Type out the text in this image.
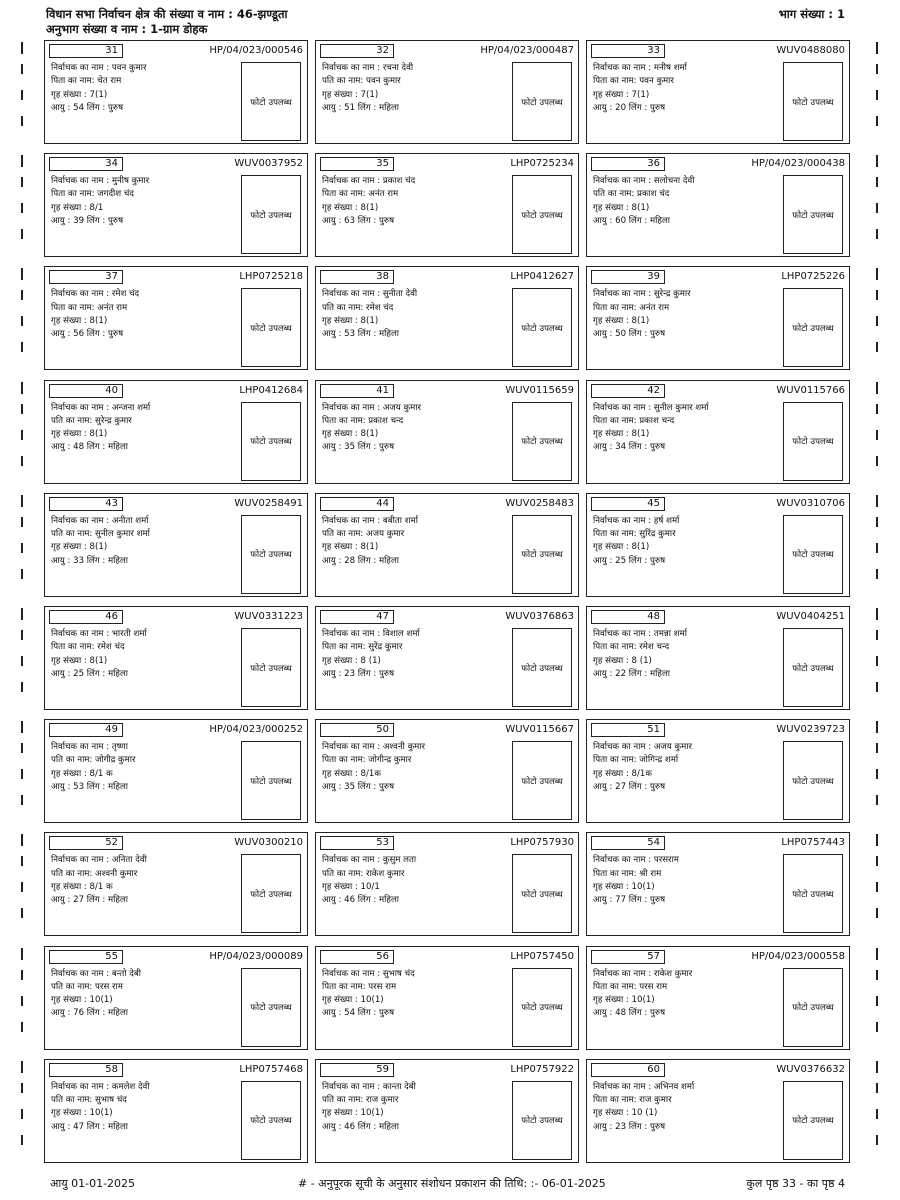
विधान सभा निर्वाचन क्षेत्र की संख्या व नाम : 46-झण्डूता
अनुभाग संख्या व नाम : 1-ग्राम डोहक
भाग संख्या : 1
31	HP/04/023/000546
निर्वाचक का नाम : पवन कुमार
पिता का नाम: चेत राम
गृह संख्या : 7(1)
आयु : 54 लिंग : पुरुष
फोटो उपलब्ध
32	HP/04/023/000487
निर्वाचक का नाम : रचना देवी
पति का नाम: पवन कुमार
गृह संख्या : 7(1)
आयु : 51 लिंग : महिला
फोटो उपलब्ध
33	WUV0488080
निर्वाचक का नाम : मनीष शर्मा
पिता का नाम: पवन कुमार
गृह संख्या : 7(1)
आयु : 20 लिंग : पुरुष
फोटो उपलब्ध
34	WUV0037952
निर्वाचक का नाम : मुनीष कुमार
पिता का नाम: जगदीश चंद
गृह संख्या : 8/1
आयु : 39 लिंग : पुरुष
फोटो उपलब्ध
35	LHP0725234
निर्वाचक का नाम : प्रकाश चंद
पिता का नाम: अनंत राम
गृह संख्या : 8(1)
आयु : 63 लिंग : पुरुष
फोटो उपलब्ध
36	HP/04/023/000438
निर्वाचक का नाम : सलोचना देवी
पति का नाम: प्रकाश चंद
गृह संख्या : 8(1)
आयु : 60 लिंग : महिला
फोटो उपलब्ध
37	LHP0725218
निर्वाचक का नाम : रमेश चंद
पिता का नाम: अनंत राम
गृह संख्या : 8(1)
आयु : 56 लिंग : पुरुष
फोटो उपलब्ध
38	LHP0412627
निर्वाचक का नाम : सुनीता देवी
पति का नाम: रमेश चंद
गृह संख्या : 8(1)
आयु : 53 लिंग : महिला
फोटो उपलब्ध
39	LHP0725226
निर्वाचक का नाम : सुरेन्द्र कुमार
पिता का नाम: अनंत राम
गृह संख्या : 8(1)
आयु : 50 लिंग : पुरुष
फोटो उपलब्ध
40	LHP0412684
निर्वाचक का नाम : अन्जना शर्मा
पति का नाम: सुरेन्द्र कुमार
गृह संख्या : 8(1)
आयु : 48 लिंग : महिला
फोटो उपलब्ध
41	WUV0115659
निर्वाचक का नाम : अजय कुमार
पिता का नाम: प्रकाश चन्द
गृह संख्या : 8(1)
आयु : 35 लिंग : पुरुष
फोटो उपलब्ध
42	WUV0115766
निर्वाचक का नाम : सुनील कुमार शर्मा
पिता का नाम: प्रकाश चन्द
गृह संख्या : 8(1)
आयु : 34 लिंग : पुरुष
फोटो उपलब्ध
43	WUV0258491
निर्वाचक का नाम : अनीता शर्मा
पति का नाम: सुनील कुमार शर्मा
गृह संख्या : 8(1)
आयु : 33 लिंग : महिला
फोटो उपलब्ध
44	WUV0258483
निर्वाचक का नाम : बबीता शर्मा
पति का नाम: अजय कुमार
गृह संख्या : 8(1)
आयु : 28 लिंग : महिला
फोटो उपलब्ध
45	WUV0310706
निर्वाचक का नाम : हर्ष शर्मा
पिता का नाम: सुरिंद्र कुमार
गृह संख्या : 8(1)
आयु : 25 लिंग : पुरुष
फोटो उपलब्ध
46	WUV0331223
निर्वाचक का नाम : भारती शर्मा
पिता का नाम: रमेश चंद
गृह संख्या : 8(1)
आयु : 25 लिंग : महिला
फोटो उपलब्ध
47	WUV0376863
निर्वाचक का नाम : विशाल शर्मा
पिता का नाम: सुरेंद्र कुमार
गृह संख्या : 8 (1)
आयु : 23 लिंग : पुरुष
फोटो उपलब्ध
48	WUV0404251
निर्वाचक का नाम : तमन्ना शर्मा
पिता का नाम: रमेश चन्द
गृह संख्या : 8 (1)
आयु : 22 लिंग : महिला
फोटो उपलब्ध
49	HP/04/023/000252
निर्वाचक का नाम : तृष्णा
पति का नाम: जोगीद्र कुमार
गृह संख्या : 8/1 क
आयु : 53 लिंग : महिला
फोटो उपलब्ध
50	WUV0115667
निर्वाचक का नाम : अश्वनी कुमार
पिता का नाम: जोगीन्द्र कुमार
गृह संख्या : 8/1क
आयु : 35 लिंग : पुरुष
फोटो उपलब्ध
51	WUV0239723
निर्वाचक का नाम : अजय कुमार
पिता का नाम: जोगिन्द्र शर्मा
गृह संख्या : 8/1क
आयु : 27 लिंग : पुरुष
फोटो उपलब्ध
52	WUV0300210
निर्वाचक का नाम : अनिता देवी
पति का नाम: अश्वनी कुमार
गृह संख्या : 8/1 क
आयु : 27 लिंग : महिला
फोटो उपलब्ध
53	LHP0757930
निर्वाचक का नाम : कुसुम लता
पति का नाम: राकेश कुमार
गृह संख्या : 10/1
आयु : 46 लिंग : महिला
फोटो उपलब्ध
54	LHP0757443
निर्वाचक का नाम : परसराम
पिता का नाम: श्री राम
गृह संख्या : 10(1)
आयु : 77 लिंग : पुरुष
फोटो उपलब्ध
55	HP/04/023/000089
निर्वाचक का नाम : बन्तो देबी
पति का नाम: परस राम
गृह संख्या : 10(1)
आयु : 76 लिंग : महिला
फोटो उपलब्ध
56	LHP0757450
निर्वाचक का नाम : सुभाष चंद
पिता का नाम: परस राम
गृह संख्या : 10(1)
आयु : 54 लिंग : पुरुष
फोटो उपलब्ध
57	HP/04/023/000558
निर्वाचक का नाम : राकेश कुमार
पिता का नाम: परस राम
गृह संख्या : 10(1)
आयु : 48 लिंग : पुरुष
फोटो उपलब्ध
58	LHP0757468
निर्वाचक का नाम : कमलेश देवी
पति का नाम: सुभाष चंद
गृह संख्या : 10(1)
आयु : 47 लिंग : महिला
फोटो उपलब्ध
59	LHP0757922
निर्वाचक का नाम : कान्ता देबी
पति का नाम: राज कुमार
गृह संख्या : 10(1)
आयु : 46 लिंग : महिला
फोटो उपलब्ध
60	WUV0376632
निर्वाचक का नाम : अभिनव शर्मा
पिता का नाम: राज कुमार
गृह संख्या : 10 (1)
आयु : 23 लिंग : पुरुष
फोटो उपलब्ध
आयु 01-01-2025	# - अनुपूरक सूची के अनुसार संशोधन प्रकाशन की तिथि: :- 06-01-2025	कुल पृष्ठ 33 - का पृष्ठ 4
